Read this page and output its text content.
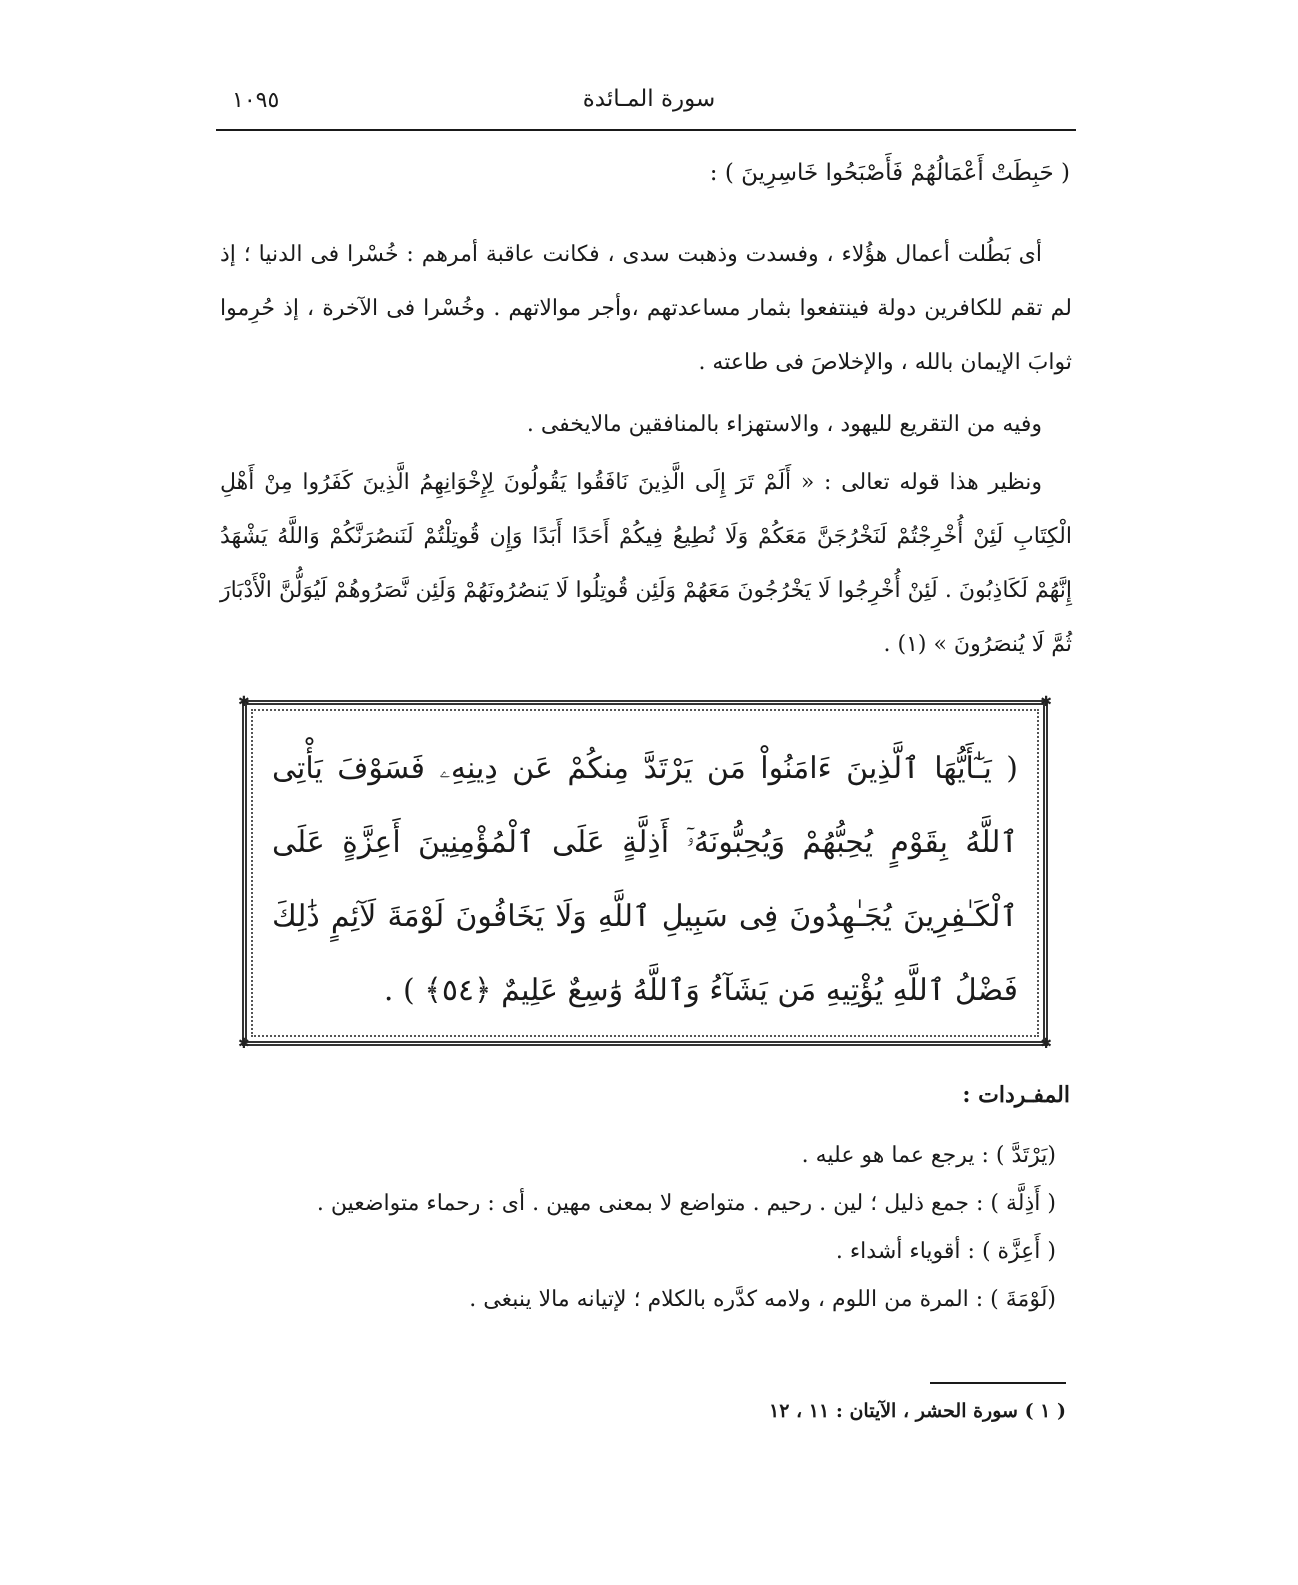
سورة المـائدة
١٠٩٥
( حَبِطَتْ أَعْمَالُهُمْ فَأَصْبَحُوا خَاسِرِينَ ) :

أى بَطُلت أعمال هؤُلاء ، وفسدت وذهبت سدى ، فكانت عاقبة أمرهم : خُسْرا فى الدنيا ؛ إذ لم تقم للكافرين دولة فينتفعوا بثمار مساعدتهم ،وأجر موالاتهم . وخُسْرا فى الآخرة ، إذ حُرِموا ثوابَ الإيمان بالله ، والإخلاصَ فى طاعته .

وفيه من التقريع لليهود ، والاستهزاء بالمنافقين مالايخفى .

ونظير هذا قوله تعالى : « أَلَمْ تَرَ إِلَى الَّذِينَ نَافَقُوا يَقُولُونَ لِإِخْوَانِهِمُ الَّذِينَ كَفَرُوا مِنْ أَهْلِ الْكِتَابِ لَئِنْ أُخْرِجْتُمْ لَنَخْرُجَنَّ مَعَكُمْ وَلَا نُطِيعُ فِيكُمْ أَحَدًا أَبَدًا وَإِن قُوتِلْتُمْ لَنَنصُرَنَّكُمْ وَاللَّهُ يَشْهَدُ إِنَّهُمْ لَكَاذِبُونَ . لَئِنْ أُخْرِجُوا لَا يَخْرُجُونَ مَعَهُمْ وَلَئِن قُوتِلُوا لَا يَنصُرُونَهُمْ وَلَئِن نَّصَرُوهُمْ لَيُوَلُّنَّ الْأَدْبَارَ ثُمَّ لَا يُنصَرُونَ » (١) .

✱	✱
✱	✱

( يَـٰٓأَيُّهَا ٱلَّذِينَ ءَامَنُواْ مَن يَرْتَدَّ مِنكُمْ عَن دِينِهِۦ فَسَوْفَ يَأْتِى ٱللَّهُ بِقَوْمٍ يُحِبُّهُمْ وَيُحِبُّونَهُۥٓ أَذِلَّةٍ عَلَى ٱلْمُؤْمِنِينَ أَعِزَّةٍ عَلَى ٱلْكَـٰفِرِينَ يُجَـٰهِدُونَ فِى سَبِيلِ ٱللَّهِ وَلَا يَخَافُونَ لَوْمَةَ لَآئِمٍ ذَٰلِكَ فَضْلُ ٱللَّهِ يُؤْتِيهِ مَن يَشَآءُ وَٱللَّهُ وَٰسِعٌ عَلِيمٌ ﴿٥٤﴾ ) .

المفـردات :

(يَرْتَدَّ ) : يرجع عما هو عليه .

( أَذِلَّة ) : جمع ذليل ؛ لين . رحيم . متواضع لا بمعنى مهين . أى : رحماء متواضعين .

( أَعِزَّة ) : أقوياء أشداء .

(لَوْمَةَ ) : المرة من اللوم ، ولامه كدَّره بالكلام ؛ لإتيانه مالا ينبغى .

( ١ ) سورة الحشر ، الآيتان : ١١ ، ١٢
